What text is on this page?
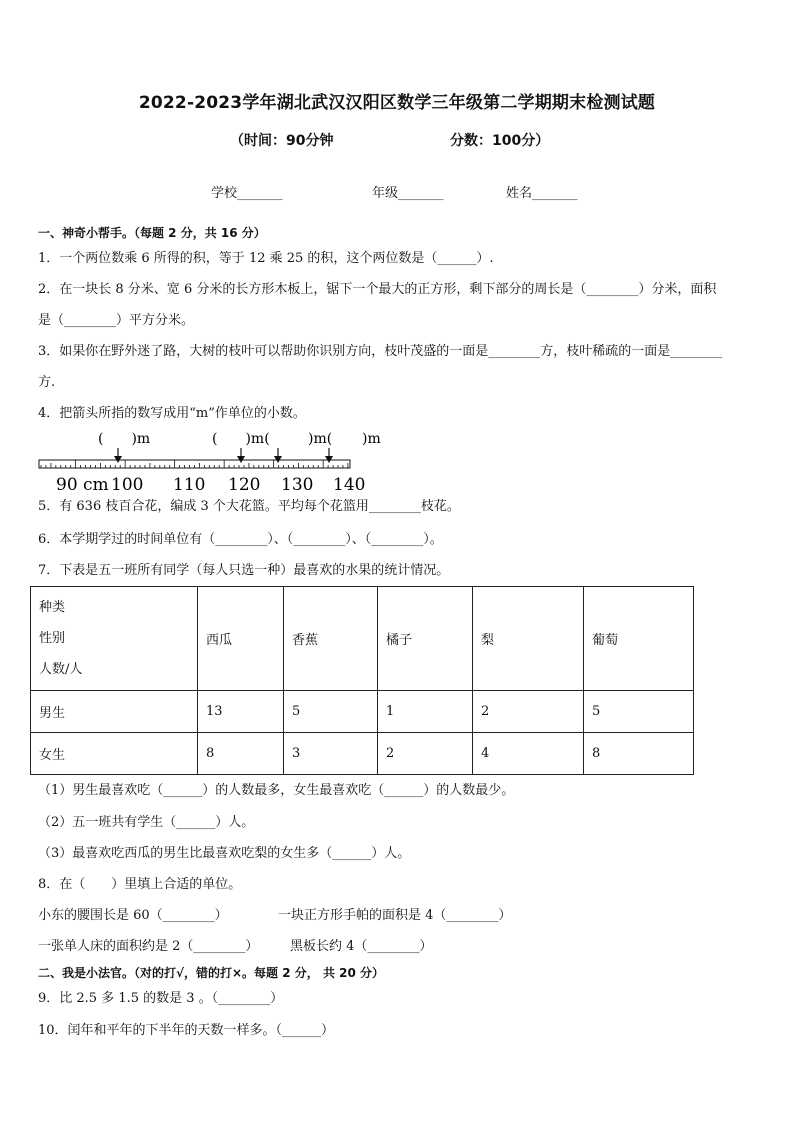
2022-2023学年湖北武汉汉阳区数学三年级第二学期期末检测试题
（时间：90分钟	分数：100分）
学校_______	年级_______	姓名_______
一、神奇小帮手。（每题 2 分，共 16 分）
1．一个两位数乘 6 所得的积，等于 12 乘 25 的积，这个两位数是（______）.
2．在一块长 8 分米、宽 6 分米的长方形木板上，锯下一个最大的正方形，剩下部分的周长是（________）分米，面积
是（________）平方分米。
3．如果你在野外迷了路，大树的枝叶可以帮助你识别方向，枝叶茂盛的一面是________方，枝叶稀疏的一面是________
方.
4．把箭头所指的数写成用“m”作单位的小数。
(　　)m	(　　)m( 　　)m( 　　)m
90 cm 100 110 120 130 140
5．有 636 枝百合花，编成 3 个大花篮。平均每个花篮用________枝花。
6．本学期学过的时间单位有（________）、（________）、（________）。
7．下表是五一班所有同学（每人只选一种）最喜欢的水果的统计情况。
种类
性别
人数/人	西瓜	香蕉	橘子	梨	葡萄
男生	13	5	1	2	5
女生	8	3	2	4	8
（1）男生最喜欢吃（______）的人数最多，女生最喜欢吃（______）的人数最少。
（2）五一班共有学生（______）人。
（3）最喜欢吃西瓜的男生比最喜欢吃梨的女生多（______）人。
8．在（　　）里填上合适的单位。
小东的腰围长是 60（________）	一块正方形手帕的面积是 4（________）
一张单人床的面积约是 2（________） 黑板长约 4（________）
二、我是小法官。（对的打√，错的打×。每题 2 分， 共 20 分）
9．比 2.5 多 1.5 的数是 3 。（________）
10．闰年和平年的下半年的天数一样多。（______）
